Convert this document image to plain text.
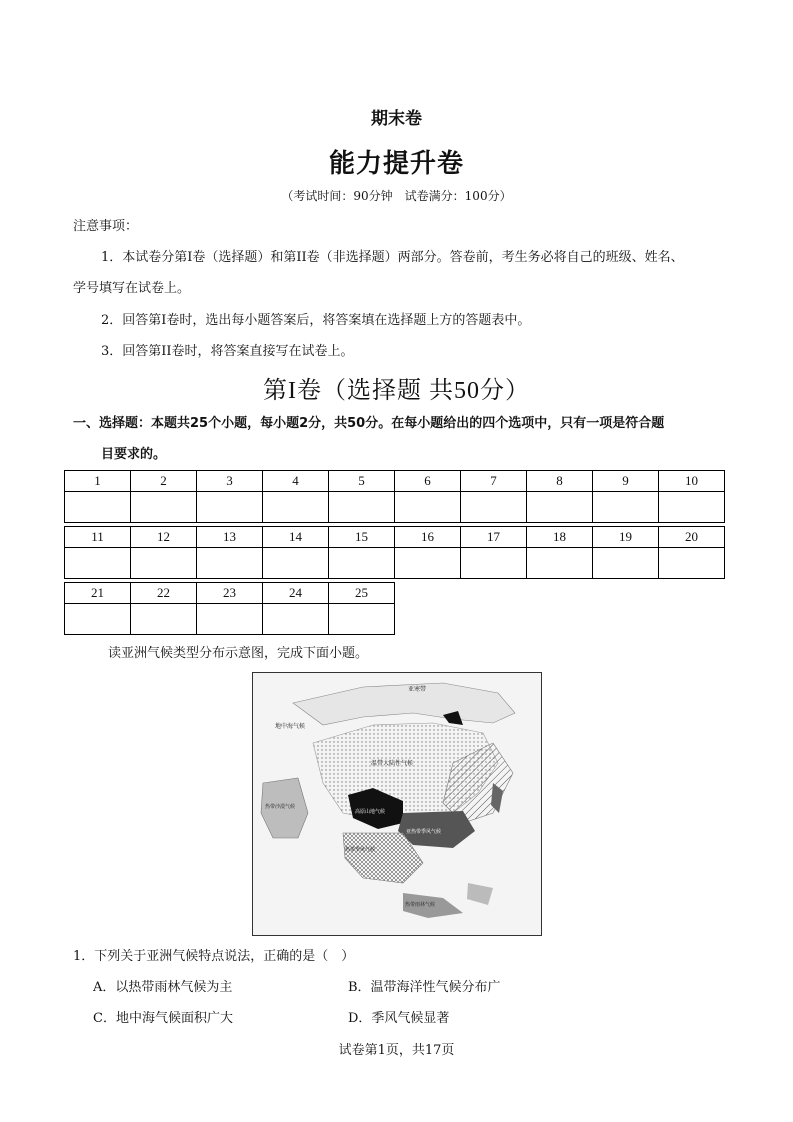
期末卷
能力提升卷
（考试时间：90分钟　试卷满分：100分）
注意事项：
1．本试卷分第I卷（选择题）和第II卷（非选择题）两部分。答卷前，考生务必将自己的班级、姓名、
学号填写在试卷上。
2．回答第I卷时，选出每小题答案后，将答案填在选择题上方的答题表中。
3．回答第II卷时，将答案直接写在试卷上。
第I卷（选择题 共50分）
一、选择题：本题共25个小题，每小题2分，共50分。在每小题给出的四个选项中，只有一项是符合题
目要求的。
1	2	3	4	5	6	7	8	9	10

11	12	13	14	15	16	17	18	19	20

21	22	23	24	25

读亚洲气候类型分布示意图，完成下面小题。
亚寒带
地中海气候
温带大陆性气候
高原山地气候
亚热带季风气候
热带季风气候
热带沙漠气候
热带雨林气候
1．下列关于亚洲气候特点说法，正确的是（　）
A．以热带雨林气候为主	B．温带海洋性气候分布广
C．地中海气候面积广大	D．季风气候显著
试卷第1页，共17页
